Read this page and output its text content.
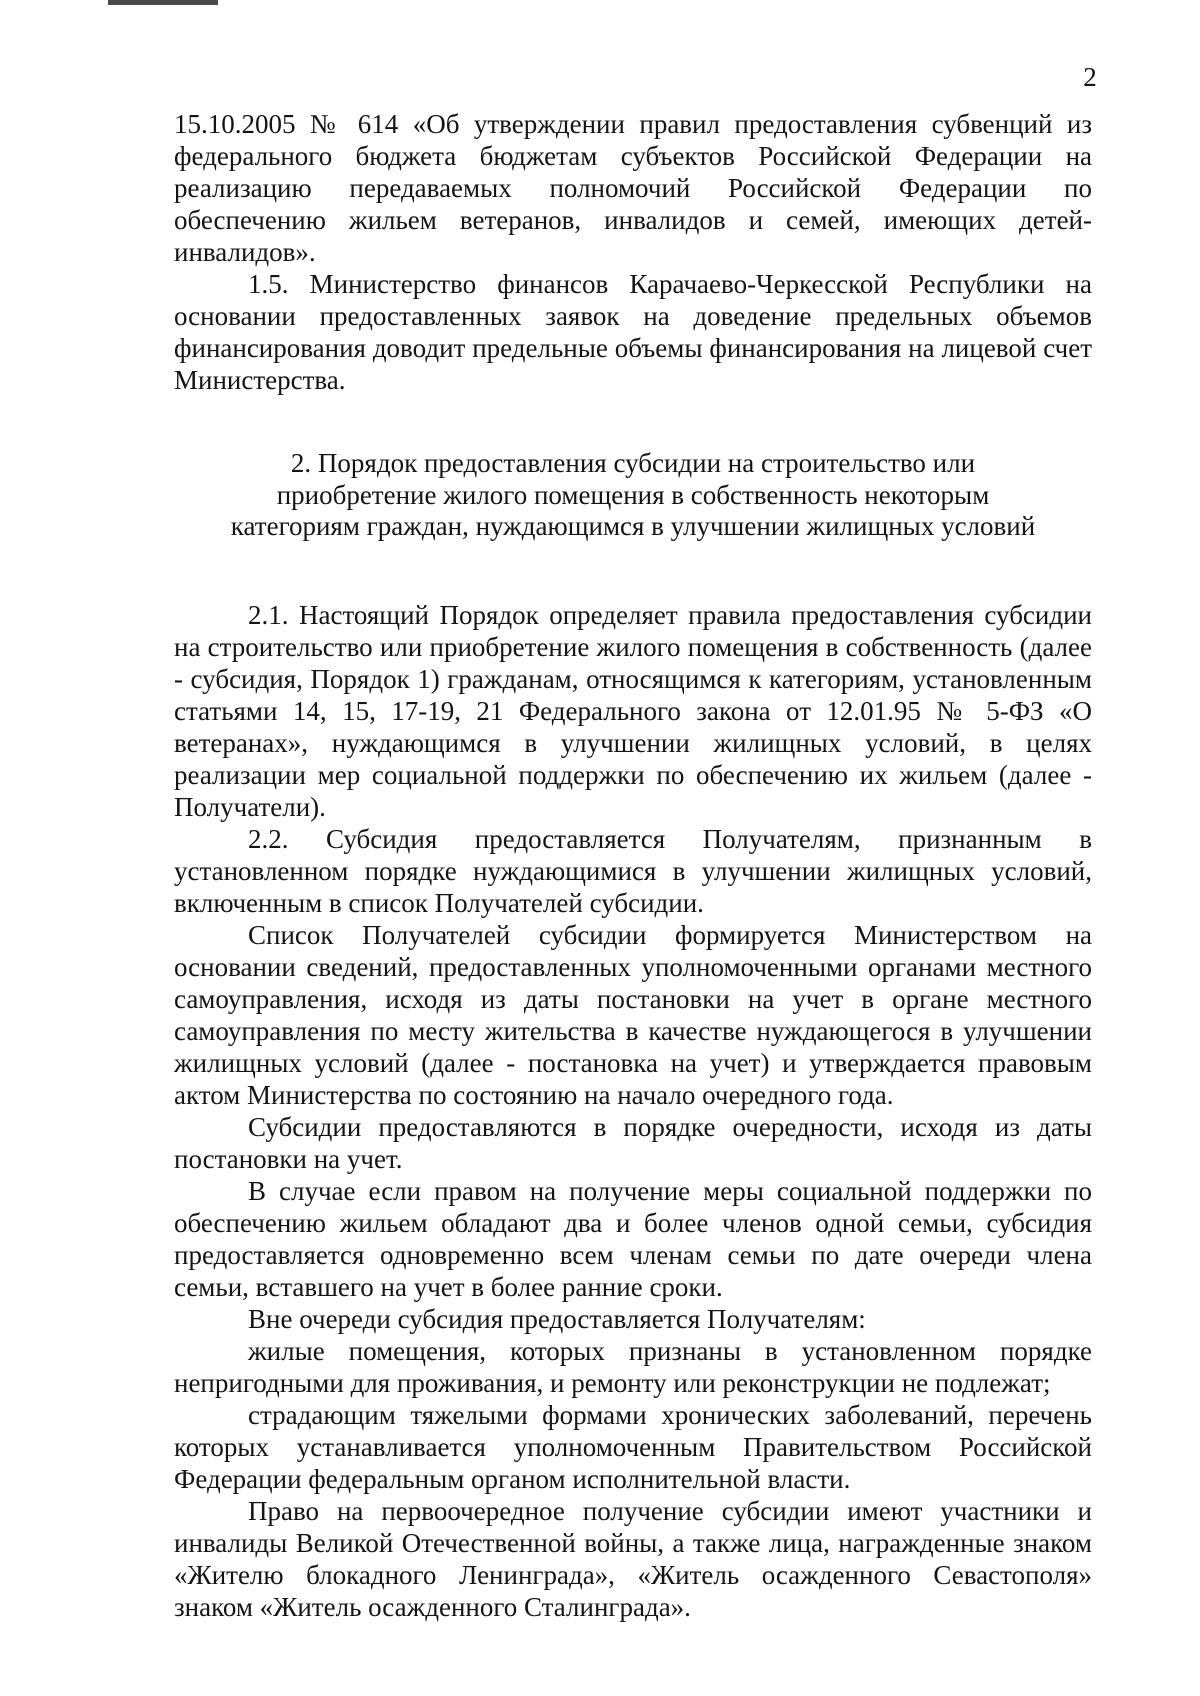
2

15.10.2005 № 614 «Об утверждении правил предоставления субвенций из федерального бюджета бюджетам субъектов Российской Федерации на реализацию передаваемых полномочий Российской Федерации по обеспечению жильем ветеранов, инвалидов и семей, имеющих детей-инвалидов».

1.5. Министерство финансов Карачаево-Черкесской Республики на основании предоставленных заявок на доведение предельных объемов финансирования доводит предельные объемы финансирования на лицевой счет Министерства.

2. Порядок предоставления субсидии на строительство или
приобретение жилого помещения в собственность некоторым
категориям граждан, нуждающимся в улучшении жилищных условий

2.1. Настоящий Порядок определяет правила предоставления субсидии на строительство или приобретение жилого помещения в собственность (далее - субсидия, Порядок 1) гражданам, относящимся к категориям, установленным статьями 14, 15, 17-19, 21 Федерального закона от 12.01.95 № 5-ФЗ «О ветеранах», нуждающимся в улучшении жилищных условий, в целях реализации мер социальной поддержки по обеспечению их жильем (далее - Получатели).

2.2. Субсидия предоставляется Получателям, признанным в установленном порядке нуждающимися в улучшении жилищных условий, включенным в список Получателей субсидии.

Список Получателей субсидии формируется Министерством на основании сведений, предоставленных уполномоченными органами местного самоуправления, исходя из даты постановки на учет в органе местного самоуправления по месту жительства в качестве нуждающегося в улучшении жилищных условий (далее - постановка на учет) и утверждается правовым актом Министерства по состоянию на начало очередного года.

Субсидии предоставляются в порядке очередности, исходя из даты постановки на учет.

В случае если правом на получение меры социальной поддержки по обеспечению жильем обладают два и более членов одной семьи, субсидия предоставляется одновременно всем членам семьи по дате очереди члена семьи, вставшего на учет в более ранние сроки.

Вне очереди субсидия предоставляется Получателям:

жилые помещения, которых признаны в установленном порядке непригодными для проживания, и ремонту или реконструкции не подлежат;

страдающим тяжелыми формами хронических заболеваний, перечень которых устанавливается уполномоченным Правительством Российской Федерации федеральным органом исполнительной власти.

Право на первоочередное получение субсидии имеют участники и инвалиды Великой Отечественной войны, а также лица, награжденные знаком «Жителю блокадного Ленинграда», «Житель осажденного Севастополя» знаком «Житель осажденного Сталинграда».
